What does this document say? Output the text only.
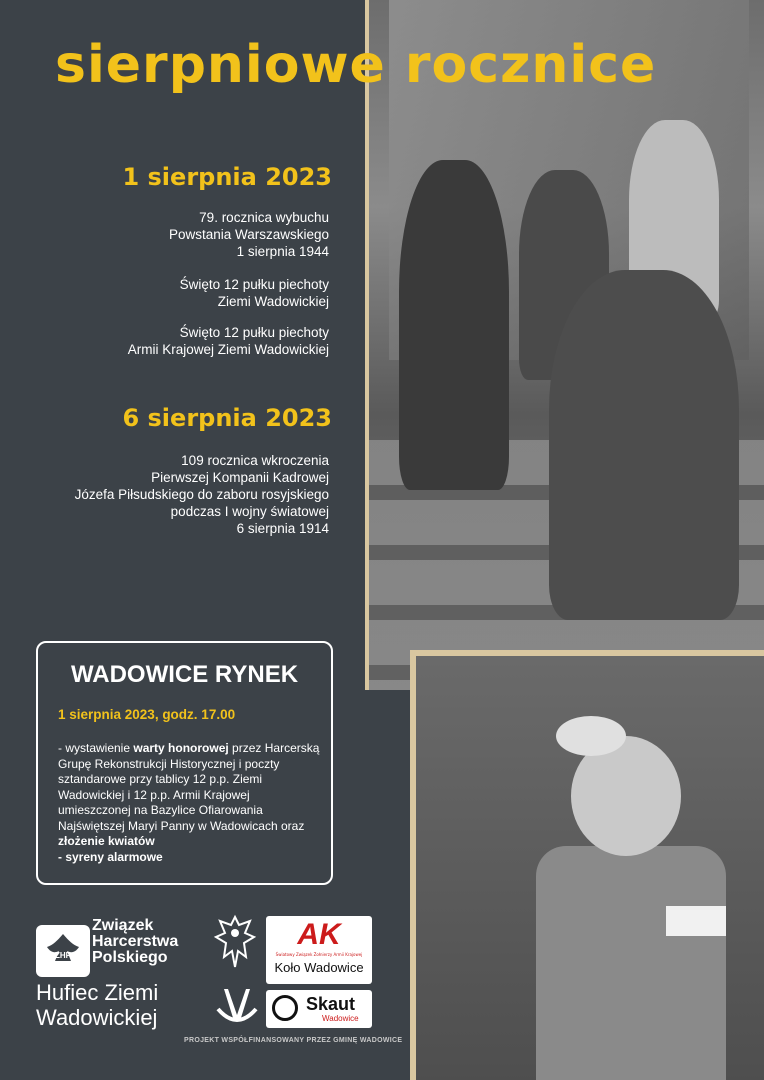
sierpniowe rocznice
1 sierpnia 2023
79. rocznica wybuchu
Powstania Warszawskiego
1 sierpnia 1944
Święto 12 pułku piechoty
Ziemi Wadowickiej
Święto 12 pułku piechoty
Armii Krajowej Ziemi Wadowickiej
6 sierpnia 2023
109 rocznica wkroczenia
Pierwszej Kompanii Kadrowej
Józefa Piłsudskiego do zaboru rosyjskiego
podczas I wojny światowej
6 sierpnia 1914
WADOWICE RYNEK
1 sierpnia 2023, godz. 17.00
- wystawienie warty honorowej przez Harcerską Grupę Rekonstrukcji Historycznej i poczty sztandarowe przy tablicy 12 p.p. Ziemi Wadowickiej i 12 p.p. Armii Krajowej umieszczonej na Bazylice Ofiarowania Najświętszej Maryi Panny w Wadowicach oraz złożenie kwiatów
- syreny alarmowe
ZHP
Związek
Harcerstwa
Polskiego
Hufiec Ziemi
Wadowickiej
AK
Światowy Związek Żołnierzy Armii Krajowej
Koło Wadowice
Skaut
Wadowice
PROJEKT WSPÓŁFINANSOWANY PRZEZ GMINĘ WADOWICE
